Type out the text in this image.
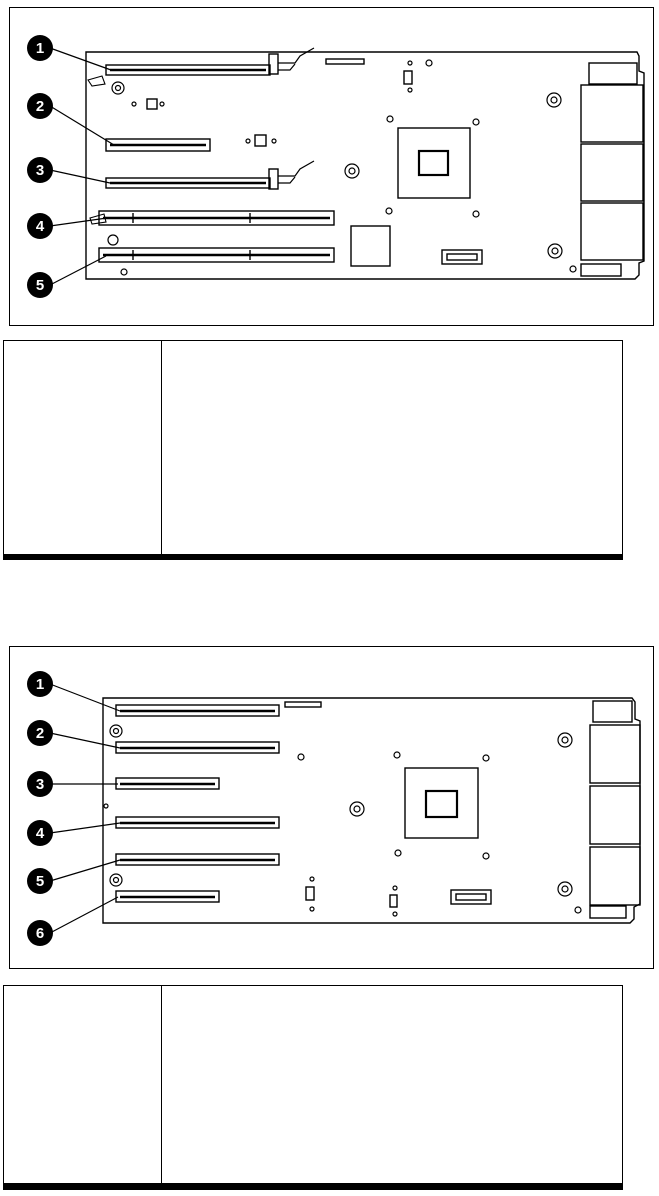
1
2
3
4
5

1
2
3
4
5
6
